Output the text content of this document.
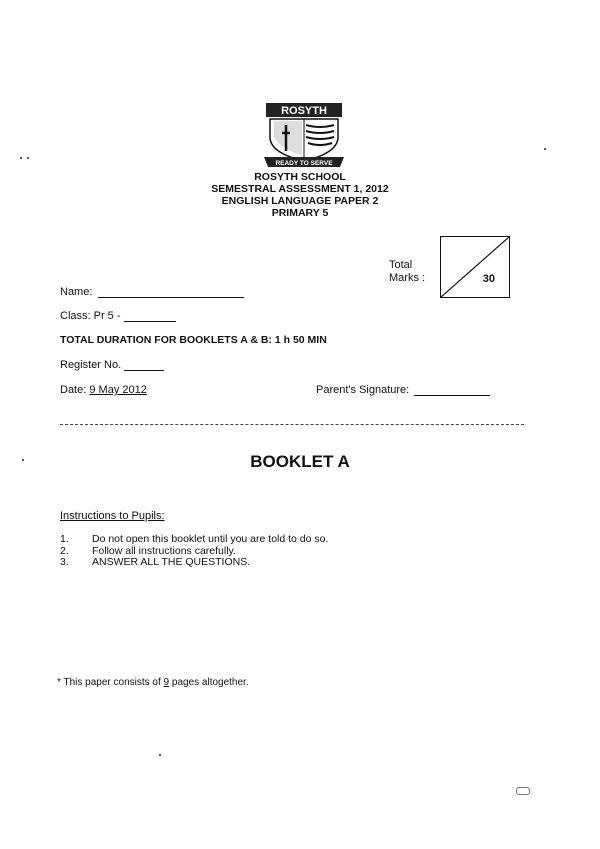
ROSYTH
READY TO SERVE
ROSYTH SCHOOL
SEMESTRAL ASSESSMENT 1, 2012
ENGLISH LANGUAGE PAPER 2
PRIMARY 5
Total
Marks :	30
Name:
Class: Pr 5 -
TOTAL DURATION FOR BOOKLETS A & B: 1 h 50 MIN
Register No.
Date: 9 May 2012	Parent's Signature:
BOOKLET A
Instructions to Pupils:
1. Do not open this booklet until you are told to do so.
2. Follow all instructions carefully.
3. ANSWER ALL THE QUESTIONS.
* This paper consists of 9 pages altogether.
